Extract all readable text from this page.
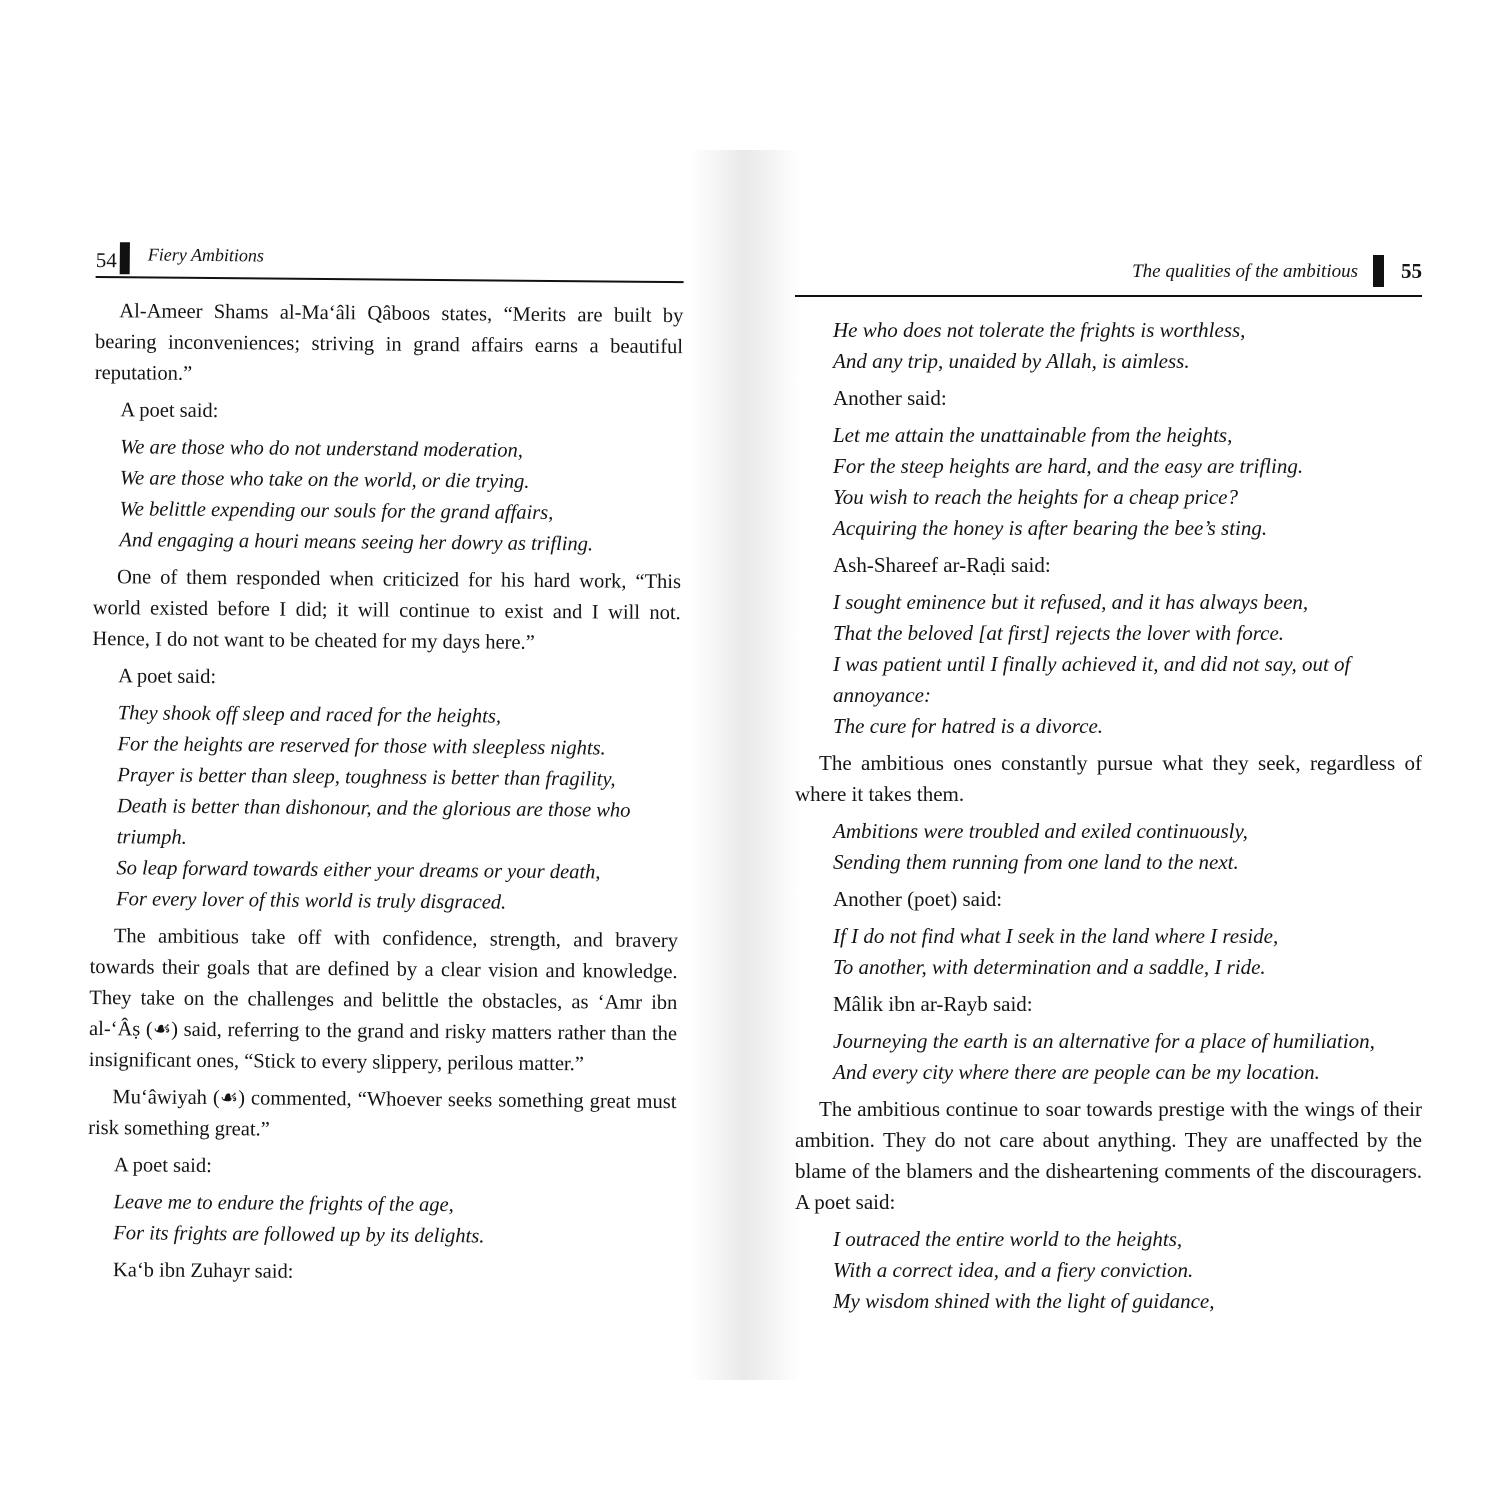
54 Fiery Ambitions

Al-Ameer Shams al-Ma‘âli Qâboos states, “Merits are built by bearing inconveniences; striving in grand affairs earns a beautiful reputation.”

A poet said:

We are those who do not understand moderation,
We are those who take on the world, or die trying.
We belittle expending our souls for the grand affairs,
And engaging a houri means seeing her dowry as trifling.

One of them responded when criticized for his hard work, “This world existed before I did; it will continue to exist and I will not. Hence, I do not want to be cheated for my days here.”

A poet said:

They shook off sleep and raced for the heights,
For the heights are reserved for those with sleepless nights.
Prayer is better than sleep, toughness is better than fragility,
Death is better than dishonour, and the glorious are those who triumph.
So leap forward towards either your dreams or your death,
For every lover of this world is truly disgraced.

The ambitious take off with confidence, strength, and bravery towards their goals that are defined by a clear vision and knowledge. They take on the challenges and belittle the obstacles, as ‘Amr ibn al-‘Âṣ (☙) said, referring to the grand and risky matters rather than the insignificant ones, “Stick to every slippery, perilous matter.”

Mu‘âwiyah (☙) commented, “Whoever seeks something great must risk something great.”

A poet said:

Leave me to endure the frights of the age,
For its frights are followed up by its delights.

Ka‘b ibn Zuhayr said:

The qualities of the ambitious 55
He who does not tolerate the frights is worthless,
And any trip, unaided by Allah, is aimless.

Another said:

Let me attain the unattainable from the heights,
For the steep heights are hard, and the easy are trifling.
You wish to reach the heights for a cheap price?
Acquiring the honey is after bearing the bee’s sting.

Ash-Shareef ar-Raḍi said:

I sought eminence but it refused, and it has always been,
That the beloved [at first] rejects the lover with force.
I was patient until I finally achieved it, and did not say, out of annoyance:
The cure for hatred is a divorce.

The ambitious ones constantly pursue what they seek, regardless of where it takes them.

Ambitions were troubled and exiled continuously,
Sending them running from one land to the next.

Another (poet) said:

If I do not find what I seek in the land where I reside,
To another, with determination and a saddle, I ride.

Mâlik ibn ar-Rayb said:

Journeying the earth is an alternative for a place of humiliation,
And every city where there are people can be my location.

The ambitious continue to soar towards prestige with the wings of their ambition. They do not care about anything. They are unaffected by the blame of the blamers and the disheartening comments of the discouragers. A poet said:

I outraced the entire world to the heights,
With a correct idea, and a fiery conviction.
My wisdom shined with the light of guidance,
